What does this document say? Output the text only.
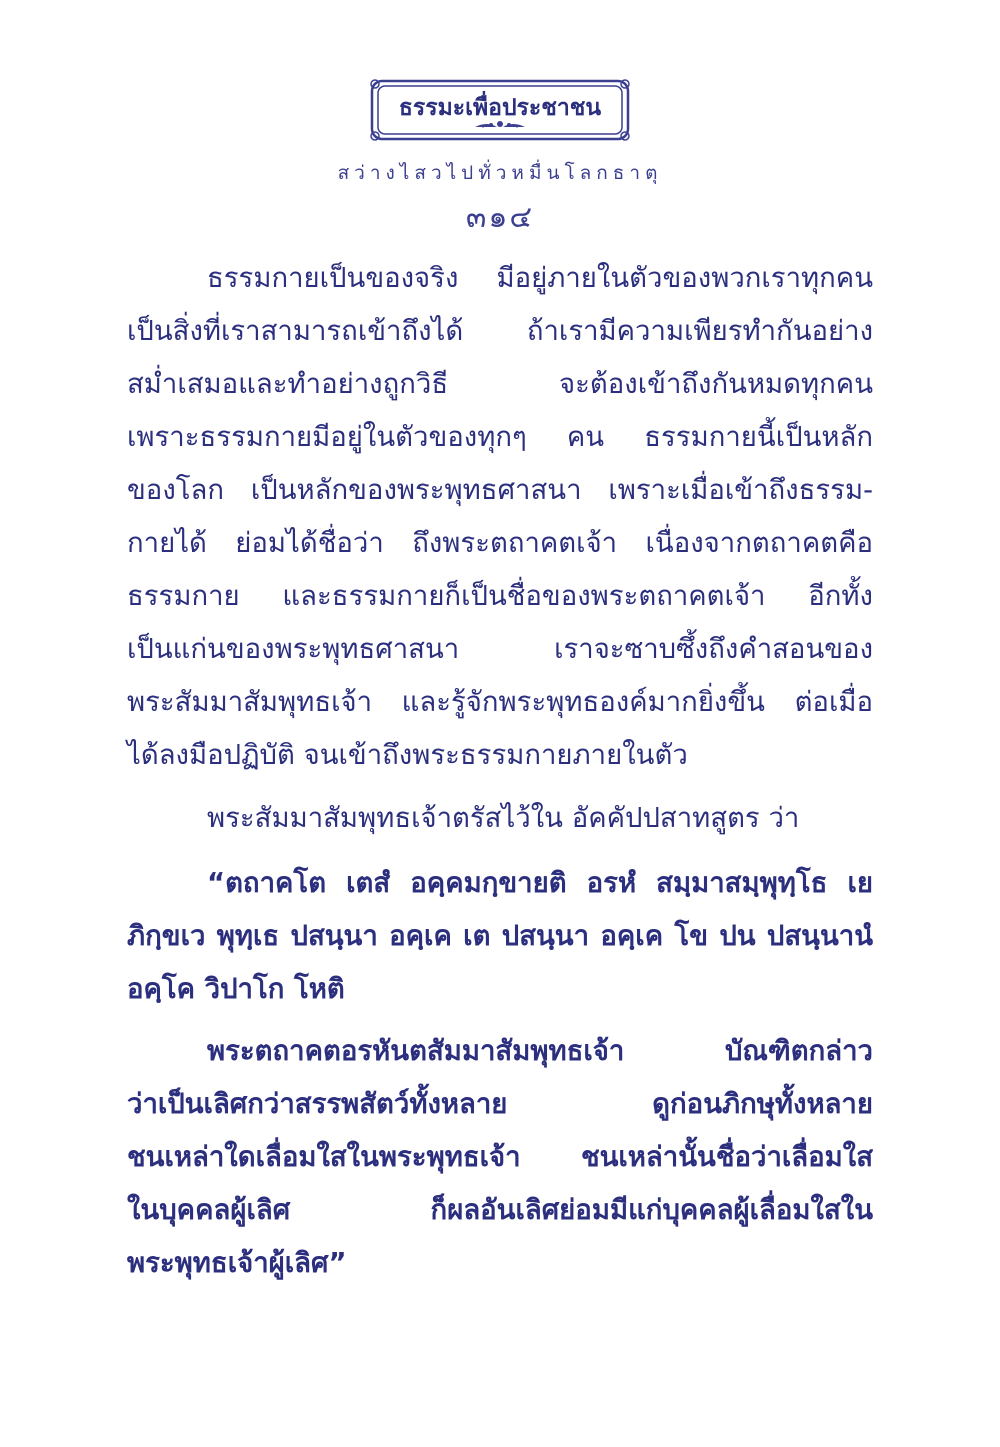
ธรรมะเพื่อประชาชน
สว่างไสวไปทั่วหมื่นโลกธาตุ
๓๑๔
ธรรมกายเป็นของจริง มีอยู่ภายในตัวของพวกเราทุกคน
เป็นสิ่งที่เราสามารถเข้าถึงได้ ถ้าเรามีความเพียรทำกันอย่าง
สม่ำเสมอและทำอย่างถูกวิธี จะต้องเข้าถึงกันหมดทุกคน
เพราะธรรมกายมีอยู่ในตัวของทุกๆ คน ธรรมกายนี้เป็นหลัก
ของโลก เป็นหลักของพระพุทธศาสนา เพราะเมื่อเข้าถึงธรรม-
กายได้ ย่อมได้ชื่อว่า ถึงพระตถาคตเจ้า เนื่องจากตถาคตคือ
ธรรมกาย และธรรมกายก็เป็นชื่อของพระตถาคตเจ้า อีกทั้ง
เป็นแก่นของพระพุทธศาสนา เราจะซาบซึ้งถึงคำสอนของ
พระสัมมาสัมพุทธเจ้า และรู้จักพระพุทธองค์มากยิ่งขึ้น ต่อเมื่อ
ได้ลงมือปฏิบัติ จนเข้าถึงพระธรรมกายภายในตัว
พระสัมมาสัมพุทธเจ้าตรัสไว้ใน อัคคัปปสาทสูตร ว่า
“ตถาคโต เตสํ อคฺคมกฺขายติ อรหํ สมฺมาสมฺพุทฺโธ เย
ภิกฺขเว พุทฺเธ ปสนฺนา อคฺเค เต ปสนฺนา อคฺเค โข ปน ปสนฺนานํ
อคฺโค วิปาโก โหติ
พระตถาคตอรหันตสัมมาสัมพุทธเจ้า บัณฑิตกล่าว
ว่าเป็นเลิศกว่าสรรพสัตว์ทั้งหลาย ดูก่อนภิกษุทั้งหลาย
ชนเหล่าใดเลื่อมใสในพระพุทธเจ้า ชนเหล่านั้นชื่อว่าเลื่อมใส
ในบุคคลผู้เลิศ ก็ผลอันเลิศย่อมมีแก่บุคคลผู้เลื่อมใสใน
พระพุทธเจ้าผู้เลิศ”
